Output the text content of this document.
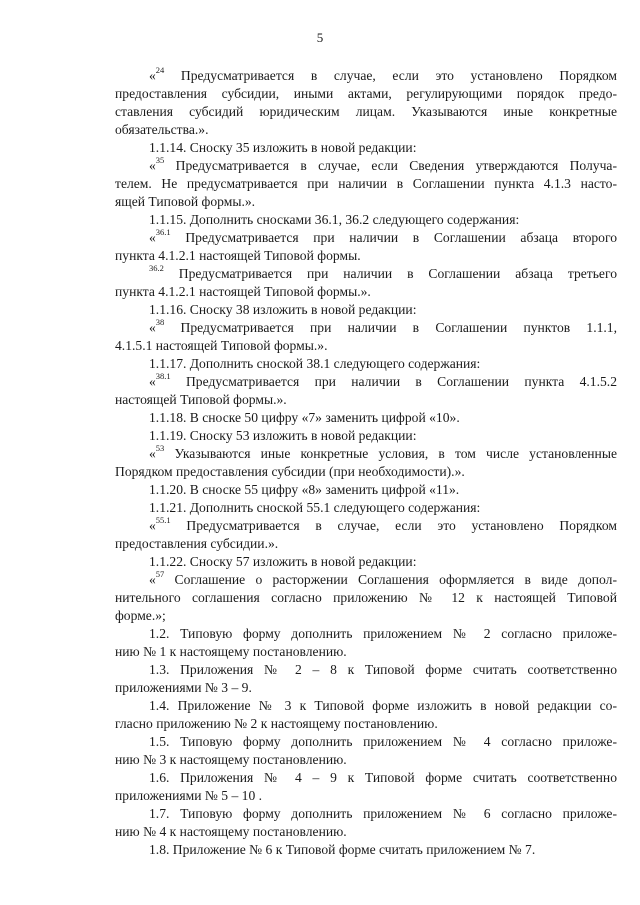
5
«$^{24}$ Предусматривается в случае, если это установлено Порядком
предоставления субсидии, иными актами, регулирующими порядок предо-
ставления субсидий юридическим лицам. Указываются иные конкретные
обязательства.».
1.1.14. Сноску 35 изложить в новой редакции:
«$^{35}$ Предусматривается в случае, если Сведения утверждаются Получа-
телем. Не предусматривается при наличии в Соглашении пункта 4.1.3 насто-
ящей Типовой формы.».
1.1.15. Дополнить сносками 36.1, 36.2 следующего содержания:
«$^{36.1}$ Предусматривается при наличии в Соглашении абзаца второго
пункта 4.1.2.1 настоящей Типовой формы.
$^{36.2}$ Предусматривается при наличии в Соглашении абзаца третьего
пункта 4.1.2.1 настоящей Типовой формы.».
1.1.16. Сноску 38 изложить в новой редакции:
«$^{38}$ Предусматривается при наличии в Соглашении пунктов 1.1.1,
4.1.5.1 настоящей Типовой формы.».
1.1.17. Дополнить сноской 38.1 следующего содержания:
«$^{38.1}$ Предусматривается при наличии в Соглашении пункта 4.1.5.2
настоящей Типовой формы.».
1.1.18. В сноске 50 цифру «7» заменить цифрой «10».
1.1.19. Сноску 53 изложить в новой редакции:
«$^{53}$ Указываются иные конкретные условия, в том числе установленные
Порядком предоставления субсидии (при необходимости).».
1.1.20. В сноске 55 цифру «8» заменить цифрой «11».
1.1.21. Дополнить сноской 55.1 следующего содержания:
«$^{55.1}$ Предусматривается в случае, если это установлено Порядком
предоставления субсидии.».
1.1.22. Сноску 57 изложить в новой редакции:
«$^{57}$ Соглашение о расторжении Соглашения оформляется в виде допол-
нительного соглашения согласно приложению № 12 к настоящей Типовой
форме.»;
1.2. Типовую форму дополнить приложением № 2 согласно приложе-
нию № 1 к настоящему постановлению.
1.3. Приложения № 2 – 8 к Типовой форме считать соответственно
приложениями № 3 – 9.
1.4. Приложение № 3 к Типовой форме изложить в новой редакции со-
гласно приложению № 2 к настоящему постановлению.
1.5. Типовую форму дополнить приложением № 4 согласно приложе-
нию № 3 к настоящему постановлению.
1.6. Приложения № 4 – 9 к Типовой форме считать соответственно
приложениями № 5 – 10 .
1.7. Типовую форму дополнить приложением № 6 согласно приложе-
нию № 4 к настоящему постановлению.
1.8. Приложение № 6 к Типовой форме считать приложением № 7.
